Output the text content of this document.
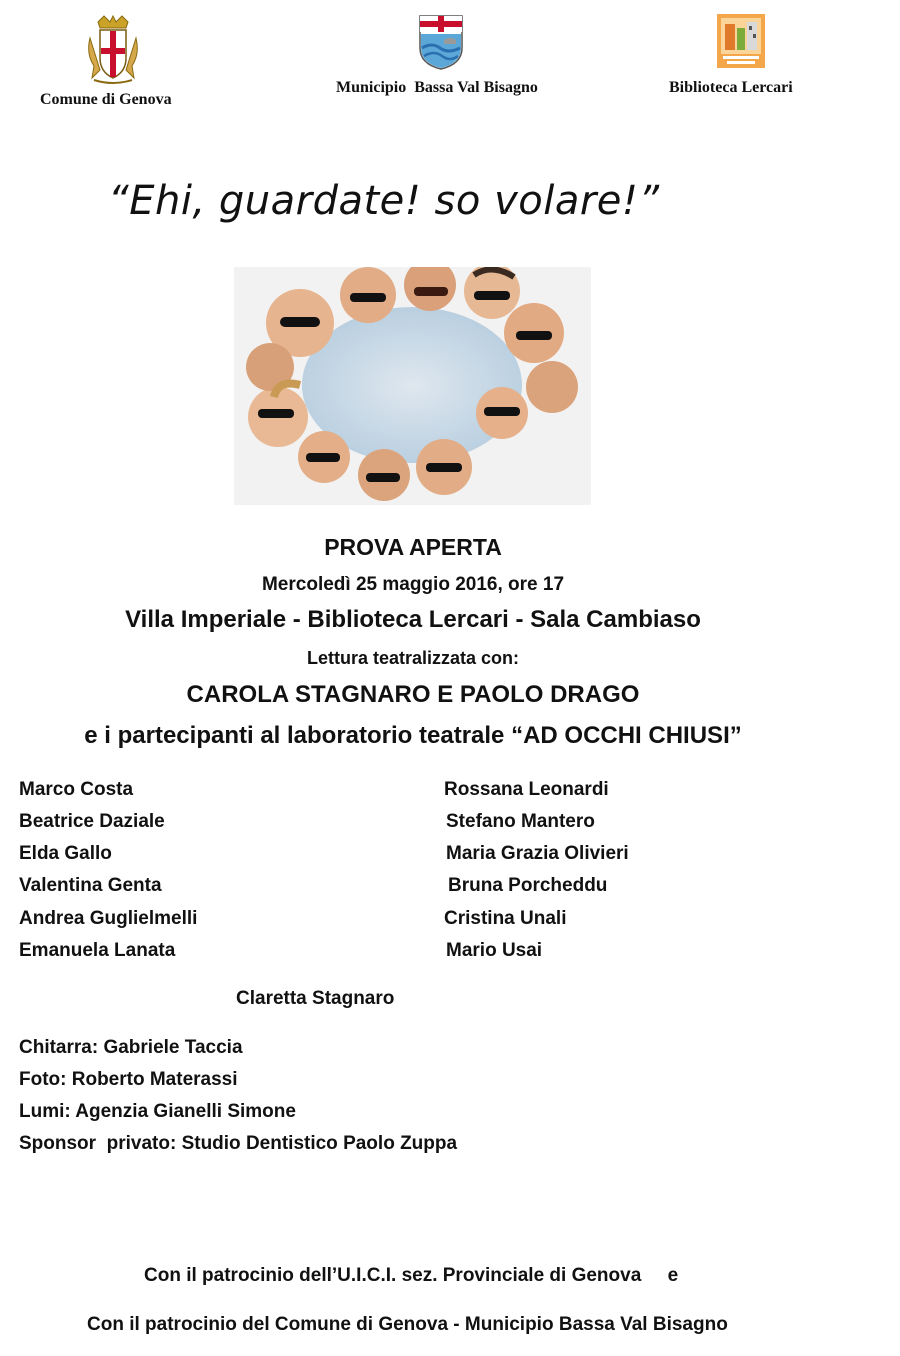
Comune di Genova
Municipio  Bassa Val Bisagno	Biblioteca Lercari
“Ehi, guardate! so volare!”
PROVA APERTA
Mercoledì 25 maggio 2016, ore 17
Villa Imperiale - Biblioteca Lercari - Sala Cambiaso
Lettura teatralizzata con:
CAROLA STAGNARO E PAOLO DRAGO
e i partecipanti al laboratorio teatrale “AD OCCHI CHIUSI”
Marco Costa
Beatrice Daziale
Elda Gallo
Valentina Genta
Andrea Guglielmelli
Emanuela Lanata
Rossana Leonardi
Stefano Mantero
Maria Grazia Olivieri
Bruna Porcheddu
Cristina Unali
Mario Usai
Claretta Stagnaro
Chitarra: Gabriele Taccia
Foto: Roberto Materassi
Lumi: Agenzia Gianelli Simone
Sponsor  privato: Studio Dentistico Paolo Zuppa
Con il patrocinio dell’U.I.C.I. sez. Provinciale di Genova     e
Con il patrocinio del Comune di Genova - Municipio Bassa Val Bisagno
